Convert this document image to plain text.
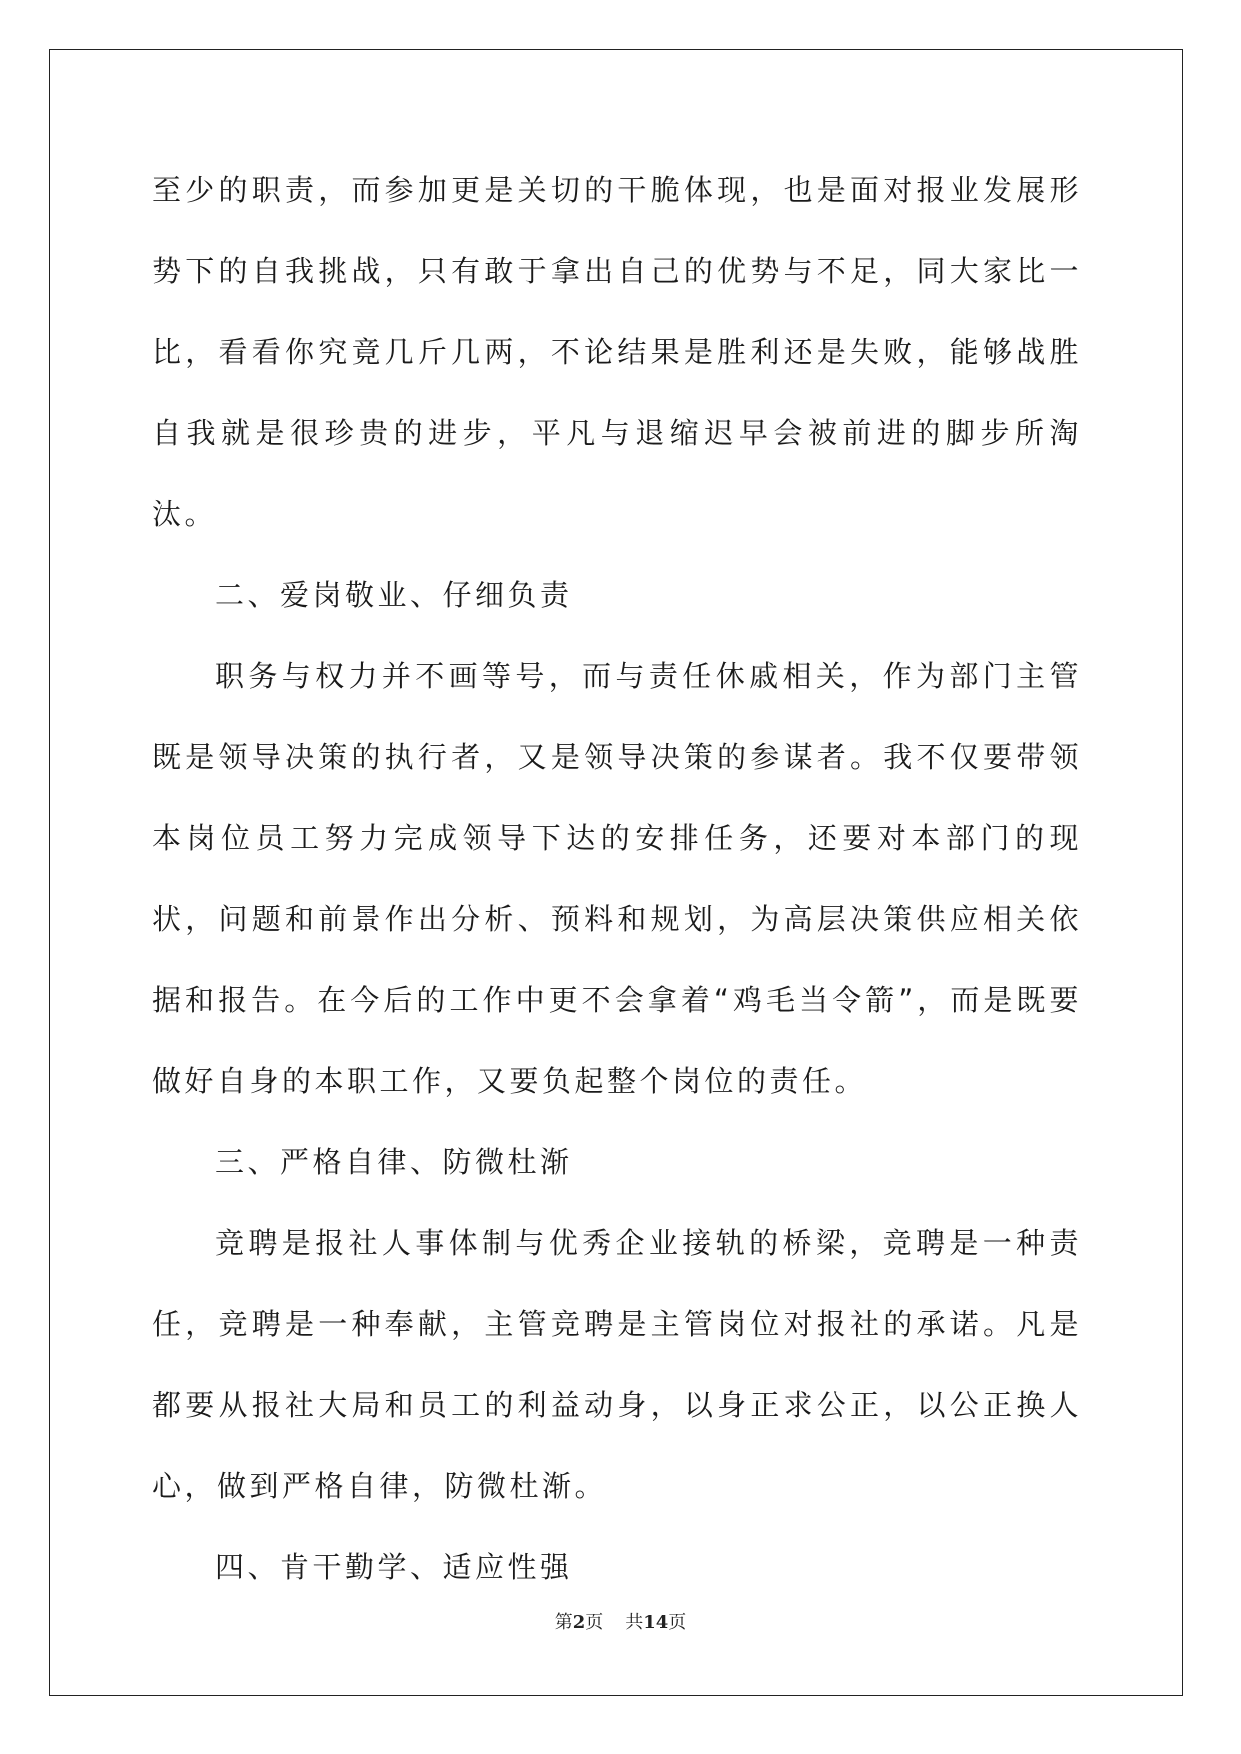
至少的职责，而参加更是关切的干脆体现，也是面对报业发展形势下的自我挑战，只有敢于拿出自己的优势与不足，同大家比一比，看看你究竟几斤几两，不论结果是胜利还是失败，能够战胜自我就是很珍贵的进步，平凡与退缩迟早会被前进的脚步所淘汰。

二、爱岗敬业、仔细负责

职务与权力并不画等号，而与责任休戚相关，作为部门主管既是领导决策的执行者，又是领导决策的参谋者。我不仅要带领本岗位员工努力完成领导下达的安排任务，还要对本部门的现状，问题和前景作出分析、预料和规划，为高层决策供应相关依据和报告。在今后的工作中更不会拿着“鸡毛当令箭”，而是既要做好自身的本职工作，又要负起整个岗位的责任。

三、严格自律、防微杜渐

竞聘是报社人事体制与优秀企业接轨的桥梁，竞聘是一种责任，竞聘是一种奉献，主管竞聘是主管岗位对报社的承诺。凡是都要从报社大局和员工的利益动身，以身正求公正，以公正换人心，做到严格自律，防微杜渐。

四、肯干勤学、适应性强

第2页 共14页
